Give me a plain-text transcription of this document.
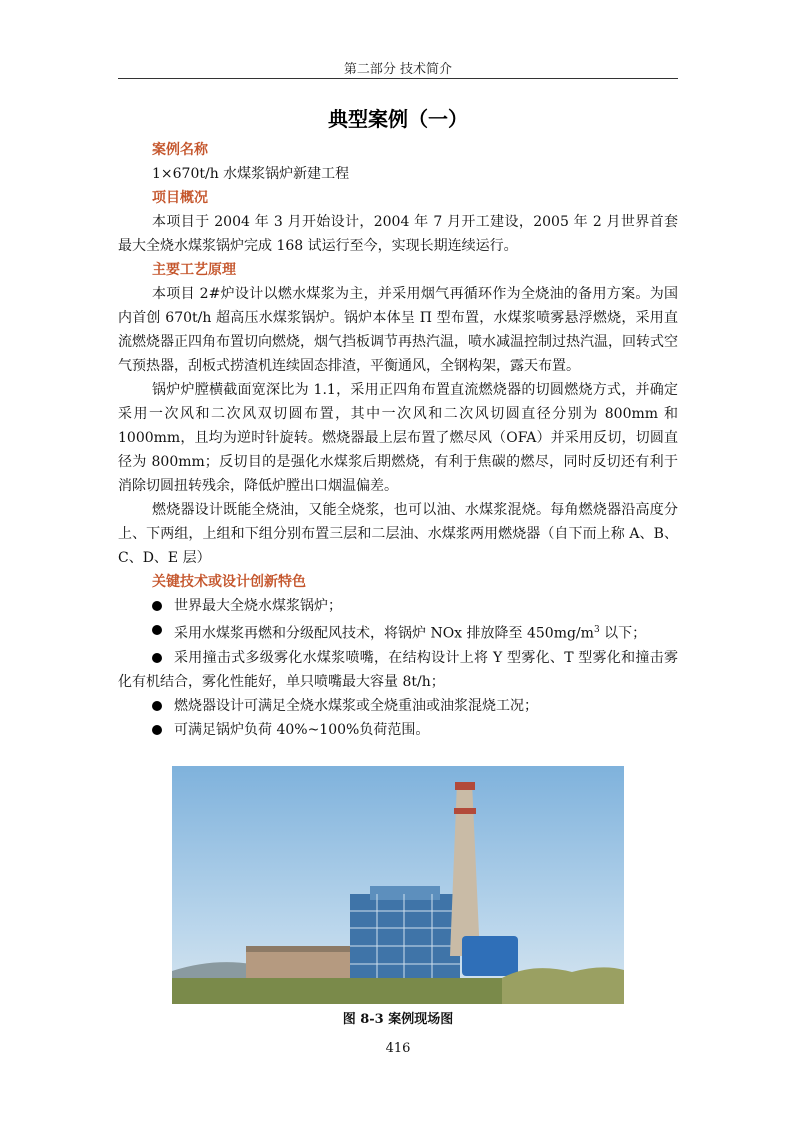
第二部分 技术简介
典型案例（一）
案例名称
1×670t/h 水煤浆锅炉新建工程
项目概况

本项目于 2004 年 3 月开始设计，2004 年 7 月开工建设，2005 年 2 月世界首套最大全烧水煤浆锅炉完成 168 试运行至今，实现长期连续运行。

主要工艺原理

本项目 2#炉设计以燃水煤浆为主，并采用烟气再循环作为全烧油的备用方案。为国内首创 670t/h 超高压水煤浆锅炉。锅炉本体呈 Π 型布置，水煤浆喷雾悬浮燃烧，采用直流燃烧器正四角布置切向燃烧，烟气挡板调节再热汽温，喷水减温控制过热汽温，回转式空气预热器，刮板式捞渣机连续固态排渣，平衡通风，全钢构架，露天布置。

锅炉炉膛横截面宽深比为 1.1，采用正四角布置直流燃烧器的切圆燃烧方式，并确定采用一次风和二次风双切圆布置，其中一次风和二次风切圆直径分别为 800mm 和 1000mm，且均为逆时针旋转。燃烧器最上层布置了燃尽风（OFA）并采用反切，切圆直径为 800mm；反切目的是强化水煤浆后期燃烧，有利于焦碳的燃尽，同时反切还有利于消除切圆扭转残余，降低炉膛出口烟温偏差。

燃烧器设计既能全烧油，又能全烧浆，也可以油、水煤浆混烧。每角燃烧器沿高度分上、下两组，上组和下组分别布置三层和二层油、水煤浆两用燃烧器（自下而上称 A、B、C、D、E 层）

关键技术或设计创新特色
世界最大全烧水煤浆锅炉；
采用水煤浆再燃和分级配风技术，将锅炉 NOx 排放降至 $450mg/m^3$ 以下；
采用撞击式多级雾化水煤浆喷嘴，在结构设计上将 Y 型雾化、T 型雾化和撞击雾化有机结合，雾化性能好，单只喷嘴最大容量 8t/h；
燃烧器设计可满足全烧水煤浆或全烧重油或油浆混烧工况；
可满足锅炉负荷 40%~100%负荷范围。
图 8-3 案例现场图
416
